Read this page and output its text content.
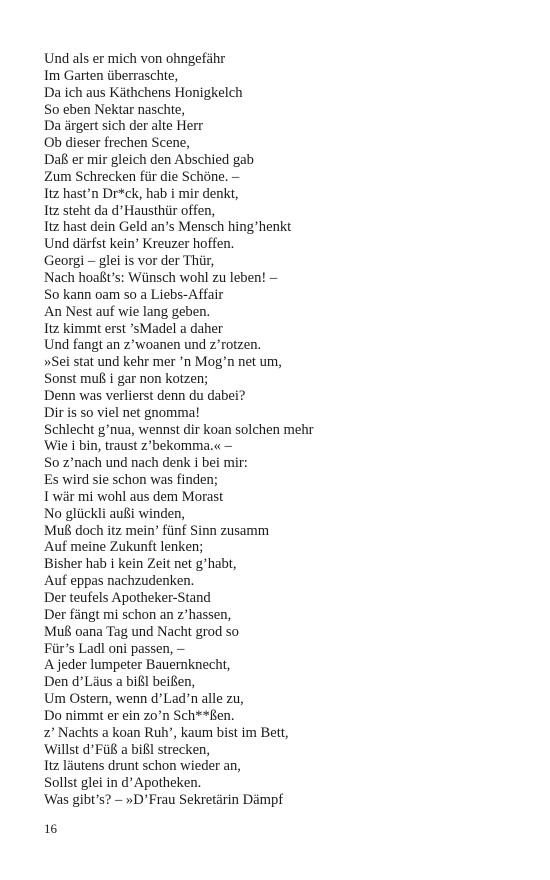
Und als er mich von ohngefähr
Im Garten überraschte,
Da ich aus Käthchens Honigkelch
So eben Nektar naschte,
Da ärgert sich der alte Herr
Ob dieser frechen Scene,
Daß er mir gleich den Abschied gab
Zum Schrecken für die Schöne. –
Itz hast’n Dr*ck, hab i mir denkt,
Itz steht da d’Hausthür offen,
Itz hast dein Geld an’s Mensch hing’henkt
Und därfst kein’ Kreuzer hoffen.
Georgi – glei is vor der Thür,
Nach hoaßt’s: Wünsch wohl zu leben! –
So kann oam so a Liebs-Affair
An Nest auf wie lang geben.
Itz kimmt erst ’sMadel a daher
Und fangt an z’woanen und z’rotzen.
»Sei stat und kehr mer ’n Mog’n net um,
Sonst muß i gar non kotzen;
Denn was verlierst denn du dabei?
Dir is so viel net gnomma!
Schlecht g’nua, wennst dir koan solchen mehr
Wie i bin, traust z’bekomma.« –
So z’nach und nach denk i bei mir:
Es wird sie schon was finden;
I wär mi wohl aus dem Morast
No glückli außi winden,
Muß doch itz mein’ fünf Sinn zusamm
Auf meine Zukunft lenken;
Bisher hab i kein Zeit net g’habt,
Auf eppas nachzudenken.
Der teufels Apotheker-Stand
Der fängt mi schon an z’hassen,
Muß oana Tag und Nacht grod so
Für’s Ladl oni passen, –
A jeder lumpeter Bauernknecht,
Den d’Läus a bißl beißen,
Um Ostern, wenn d’Lad’n alle zu,
Do nimmt er ein zo’n Sch**ßen.
z’ Nachts a koan Ruh’, kaum bist im Bett,
Willst d’Füß a bißl strecken,
Itz läutens drunt schon wieder an,
Sollst glei in d’Apotheken.
Was gibt’s? – »D’Frau Sekretärin Dämpf
16
